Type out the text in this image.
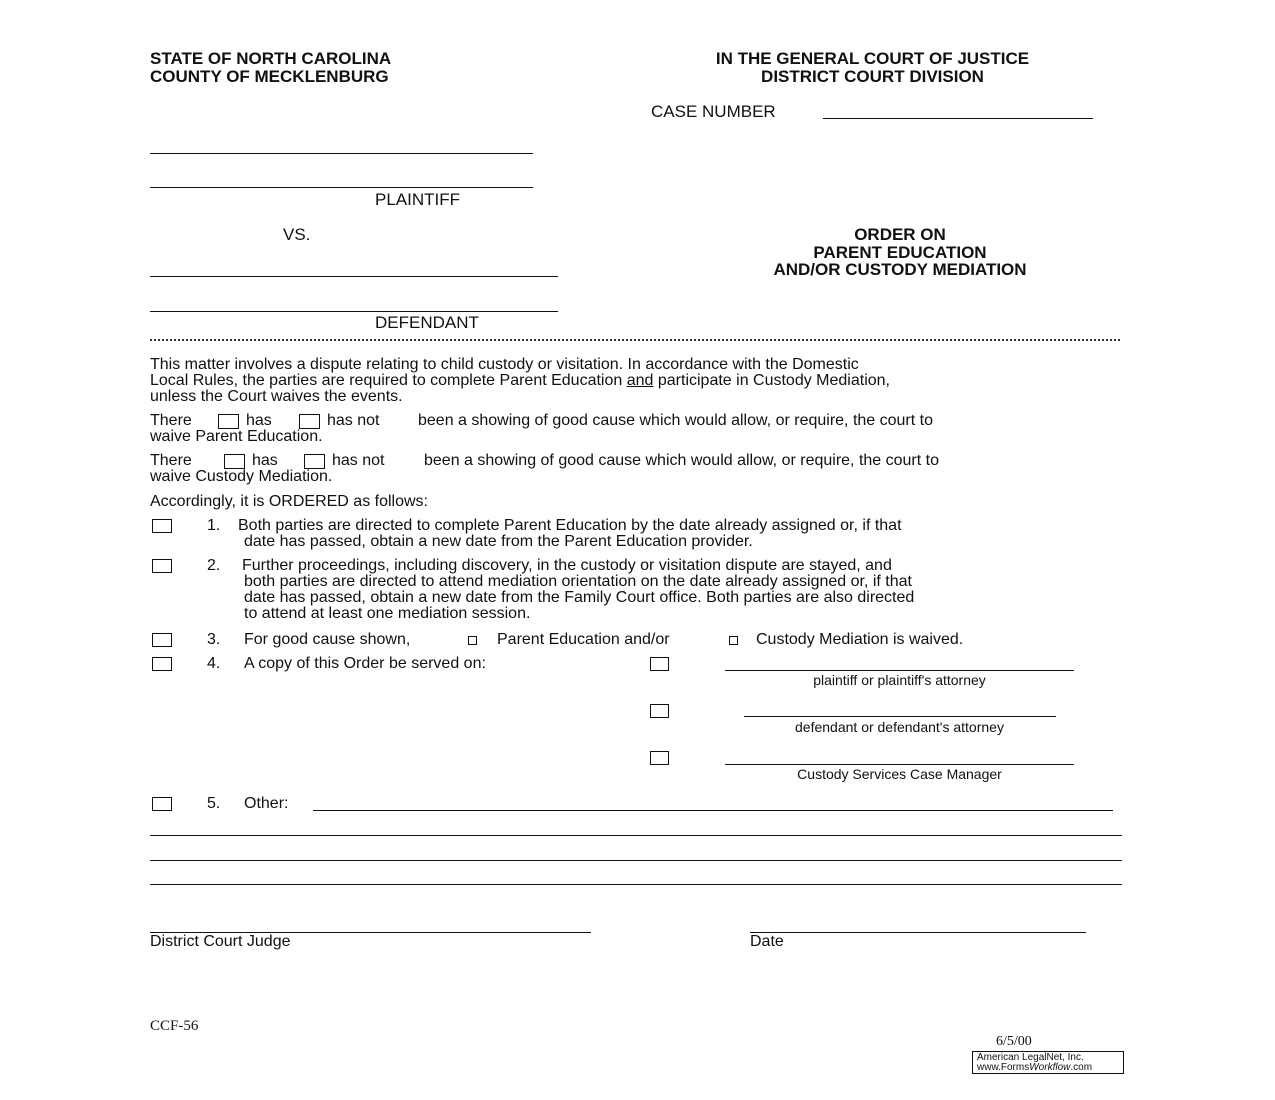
STATE OF NORTH CAROLINA
COUNTY OF MECKLENBURG
IN THE GENERAL COURT OF JUSTICE
DISTRICT COURT DIVISION
CASE NUMBER
PLAINTIFF
VS.
DEFENDANT
ORDER ON
PARENT EDUCATION
AND/OR CUSTODY MEDIATION
This matter involves a dispute relating to child custody or visitation. In accordance with the Domestic
Local Rules, the parties are required to complete Parent Education and participate in Custody Mediation,
unless the Court waives the events.
There	has	has not been a showing of good cause which would allow, or require, the court to
waive Parent Education.
There	has	has not been a showing of good cause which would allow, or require, the court to
waive Custody Mediation.
Accordingly, it is ORDERED as follows:
1. Both parties are directed to complete Parent Education by the date already assigned or, if that
date has passed, obtain a new date from the Parent Education provider.
2. Further proceedings, including discovery, in the custody or visitation dispute are stayed, and
both parties are directed to attend mediation orientation on the date already assigned or, if that
date has passed, obtain a new date from the Family Court office. Both parties are also directed
to attend at least one mediation session.
3. For good cause shown,	Parent Education and/or	Custody Mediation is waived.
4. A copy of this Order be served on:
plaintiff or plaintiff's attorney
defendant or defendant's attorney
Custody Services Case Manager
5. Other:
District Court Judge	Date
CCF-56
6/5/00
American LegalNet, Inc.
www.FormsWorkflow.com
